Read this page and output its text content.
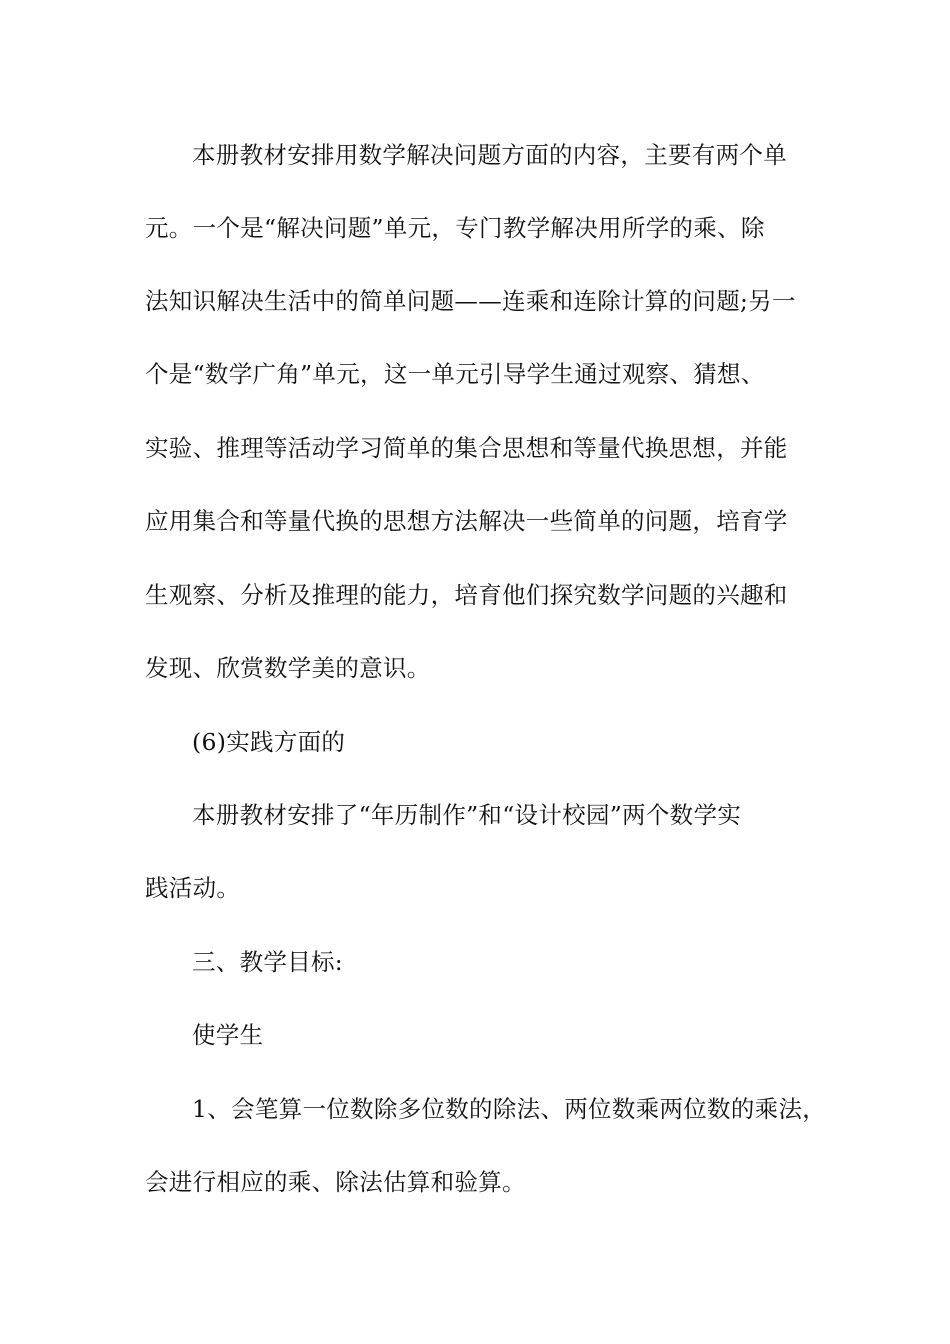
本册教材安排用数学解决问题方面的内容，主要有两个单
元。一个是“解决问题”单元，专门教学解决用所学的乘、除
法知识解决生活中的简单问题——连乘和连除计算的问题;另一
个是“数学广角”单元，这一单元引导学生通过观察、猜想、
实验、推理等活动学习简单的集合思想和等量代换思想，并能
应用集合和等量代换的思想方法解决一些简单的问题，培育学
生观察、分析及推理的能力，培育他们探究数学问题的兴趣和
发现、欣赏数学美的意识。
(6)实践方面的
本册教材安排了“年历制作”和“设计校园”两个数学实
践活动。
三、教学目标:
使学生
1、会笔算一位数除多位数的除法、两位数乘两位数的乘法，
会进行相应的乘、除法估算和验算。
